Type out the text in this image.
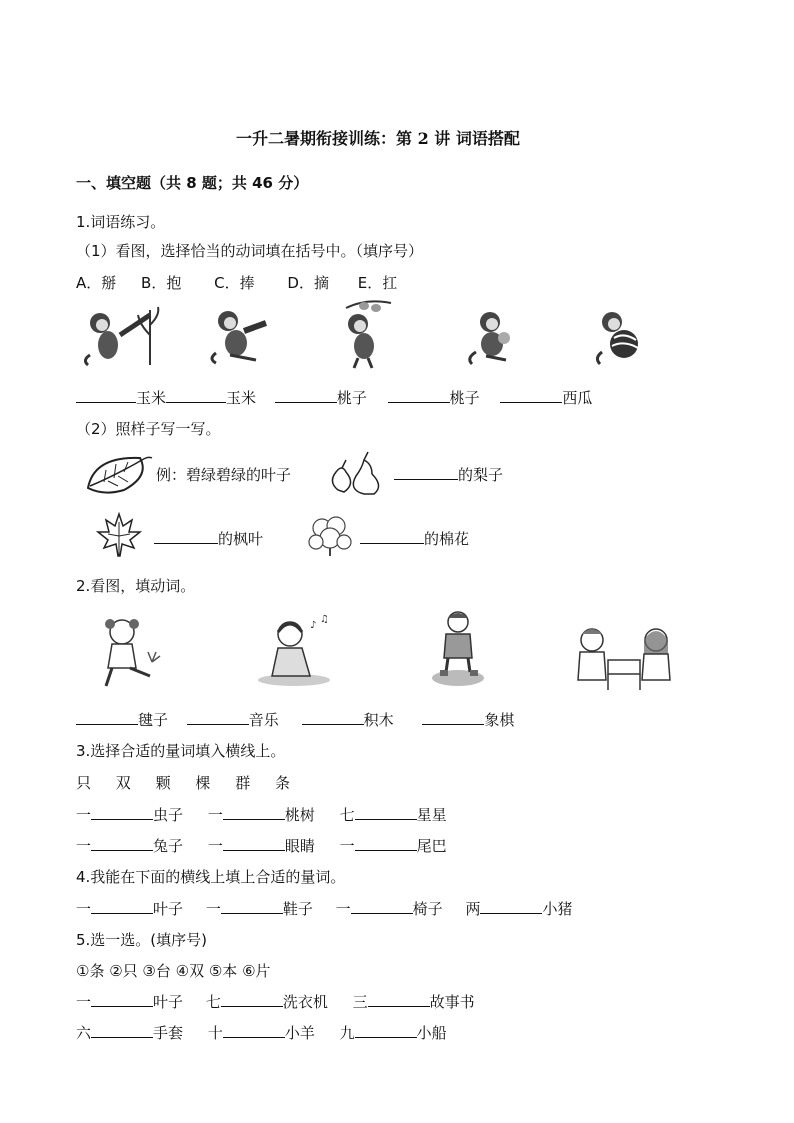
一升二暑期衔接训练：第 2 讲 词语搭配
一、填空题（共 8 题；共 46 分）
1.词语练习。
（1）看图，选择恰当的动词填在括号中。（填序号）
A．掰 B．抱 C．捧 D．摘 E．扛
玉米	玉米	桃子	桃子	西瓜
（2）照样子写一写。
例：碧绿碧绿的叶子	的梨子
的枫叶	的棉花
2.看图，填动词。
♪
♫
毽子	音乐	积木	象棋
3.选择合适的量词填入横线上。
只 双 颗 棵 群 条
一	虫子 一	桃树 七	星星
一	兔子 一	眼睛 一	尾巴
4.我能在下面的横线上填上合适的量词。
一	叶子 一	鞋子 一	椅子 两	小猪
5.选一选。(填序号)
①条 ②只 ③台 ④双 ⑤本 ⑥片
一	叶子 七	洗衣机 三	故事书
六	手套 十	小羊 九	小船
